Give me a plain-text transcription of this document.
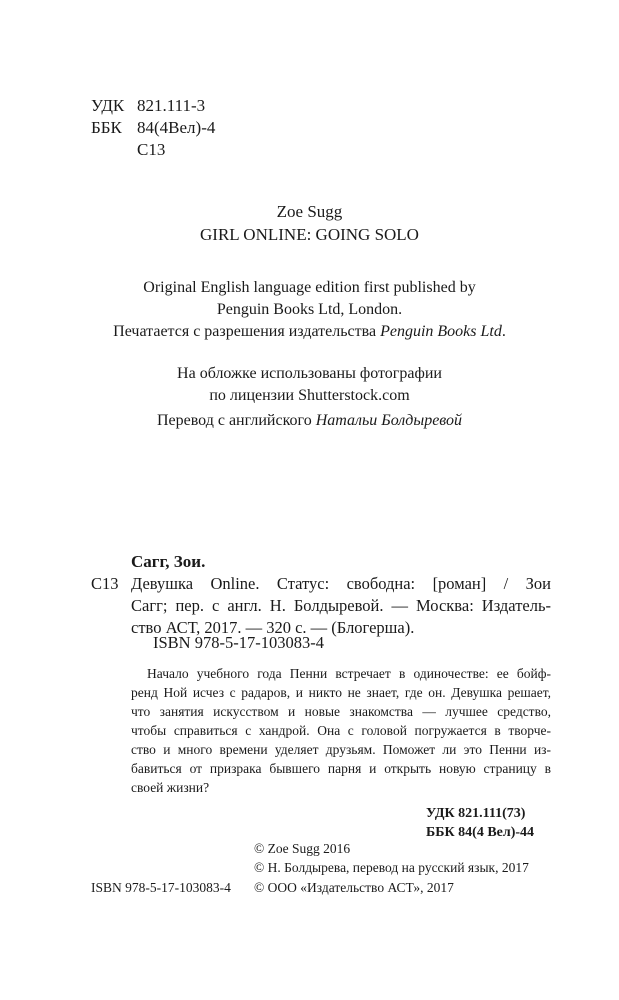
УДК 821.111-3
ББК 84(4Вел)-4
С13
Zoe Sugg
GIRL ONLINE: GOING SOLO
Original English language edition first published by
Penguin Books Ltd, London.
Печатается с разрешения издательства Penguin Books Ltd.
На обложке использованы фотографии
по лицензии Shutterstock.com
Перевод с английского Натальи Болдыревой
Сагг, Зои.
С13 Девушка Online. Статус: свободна: [роман] / Зои
Сагг; пер. с англ. Н. Болдыревой. — Москва: Издатель-
ство АСТ, 2017. — 320 с. — (Блогерша).
ISBN 978-5-17-103083-4
Начало учебного года Пенни встречает в одиночестве: ее бойф-
ренд Ной исчез с радаров, и никто не знает, где он. Девушка решает,
что занятия искусством и новые знакомства — лучшее средство,
чтобы справиться с хандрой. Она с головой погружается в творче-
ство и много времени уделяет друзьям. Поможет ли это Пенни из-
бавиться от призрака бывшего парня и открыть новую страницу в
своей жизни?
УДК 821.111(73)
ББК 84(4 Вел)-44
ISBN 978-5-17-103083-4
© Zoe Sugg 2016
© Н. Болдырева, перевод на русский язык, 2017
© ООО «Издательство АСТ», 2017
